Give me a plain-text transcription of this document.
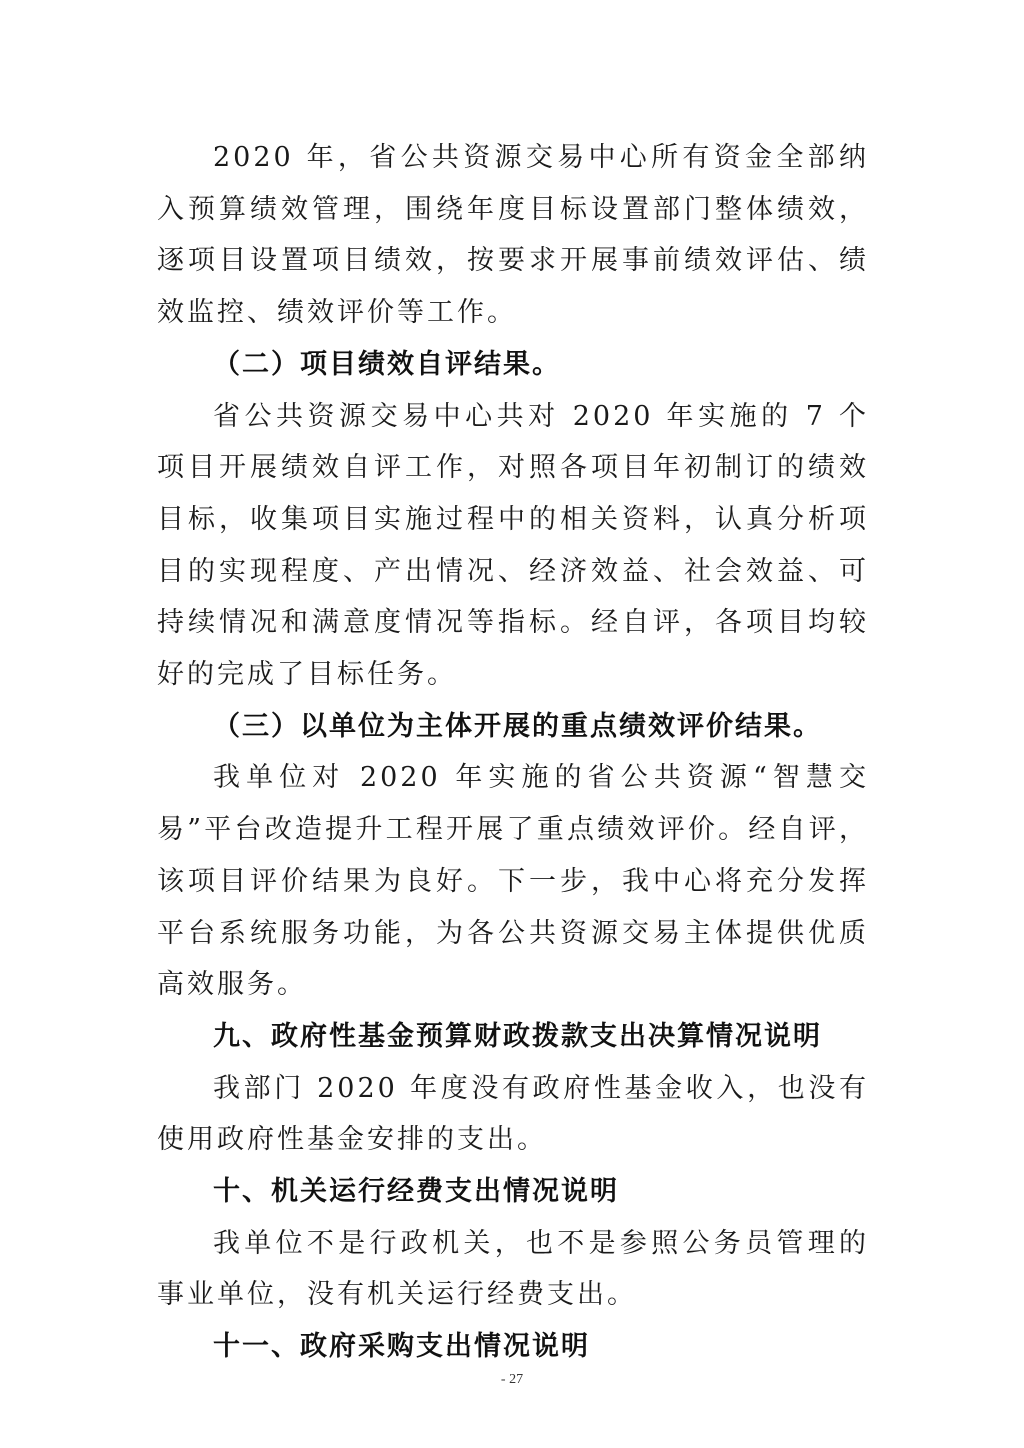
2020 年，省公共资源交易中心所有资金全部纳入预算绩效管理，围绕年度目标设置部门整体绩效，逐项目设置项目绩效，按要求开展事前绩效评估、绩效监控、绩效评价等工作。

（二）项目绩效自评结果。

省公共资源交易中心共对 2020 年实施的 7 个项目开展绩效自评工作，对照各项目年初制订的绩效目标，收集项目实施过程中的相关资料，认真分析项目的实现程度、产出情况、经济效益、社会效益、可持续情况和满意度情况等指标。经自评，各项目均较好的完成了目标任务。

（三）以单位为主体开展的重点绩效评价结果。

我单位对 2020 年实施的省公共资源“智慧交易”平台改造提升工程开展了重点绩效评价。经自评，该项目评价结果为良好。下一步，我中心将充分发挥平台系统服务功能，为各公共资源交易主体提供优质高效服务。

九、政府性基金预算财政拨款支出决算情况说明

我部门 2020 年度没有政府性基金收入，也没有使用政府性基金安排的支出。

十、机关运行经费支出情况说明

我单位不是行政机关，也不是参照公务员管理的事业单位，没有机关运行经费支出。

十一、政府采购支出情况说明

- 27
